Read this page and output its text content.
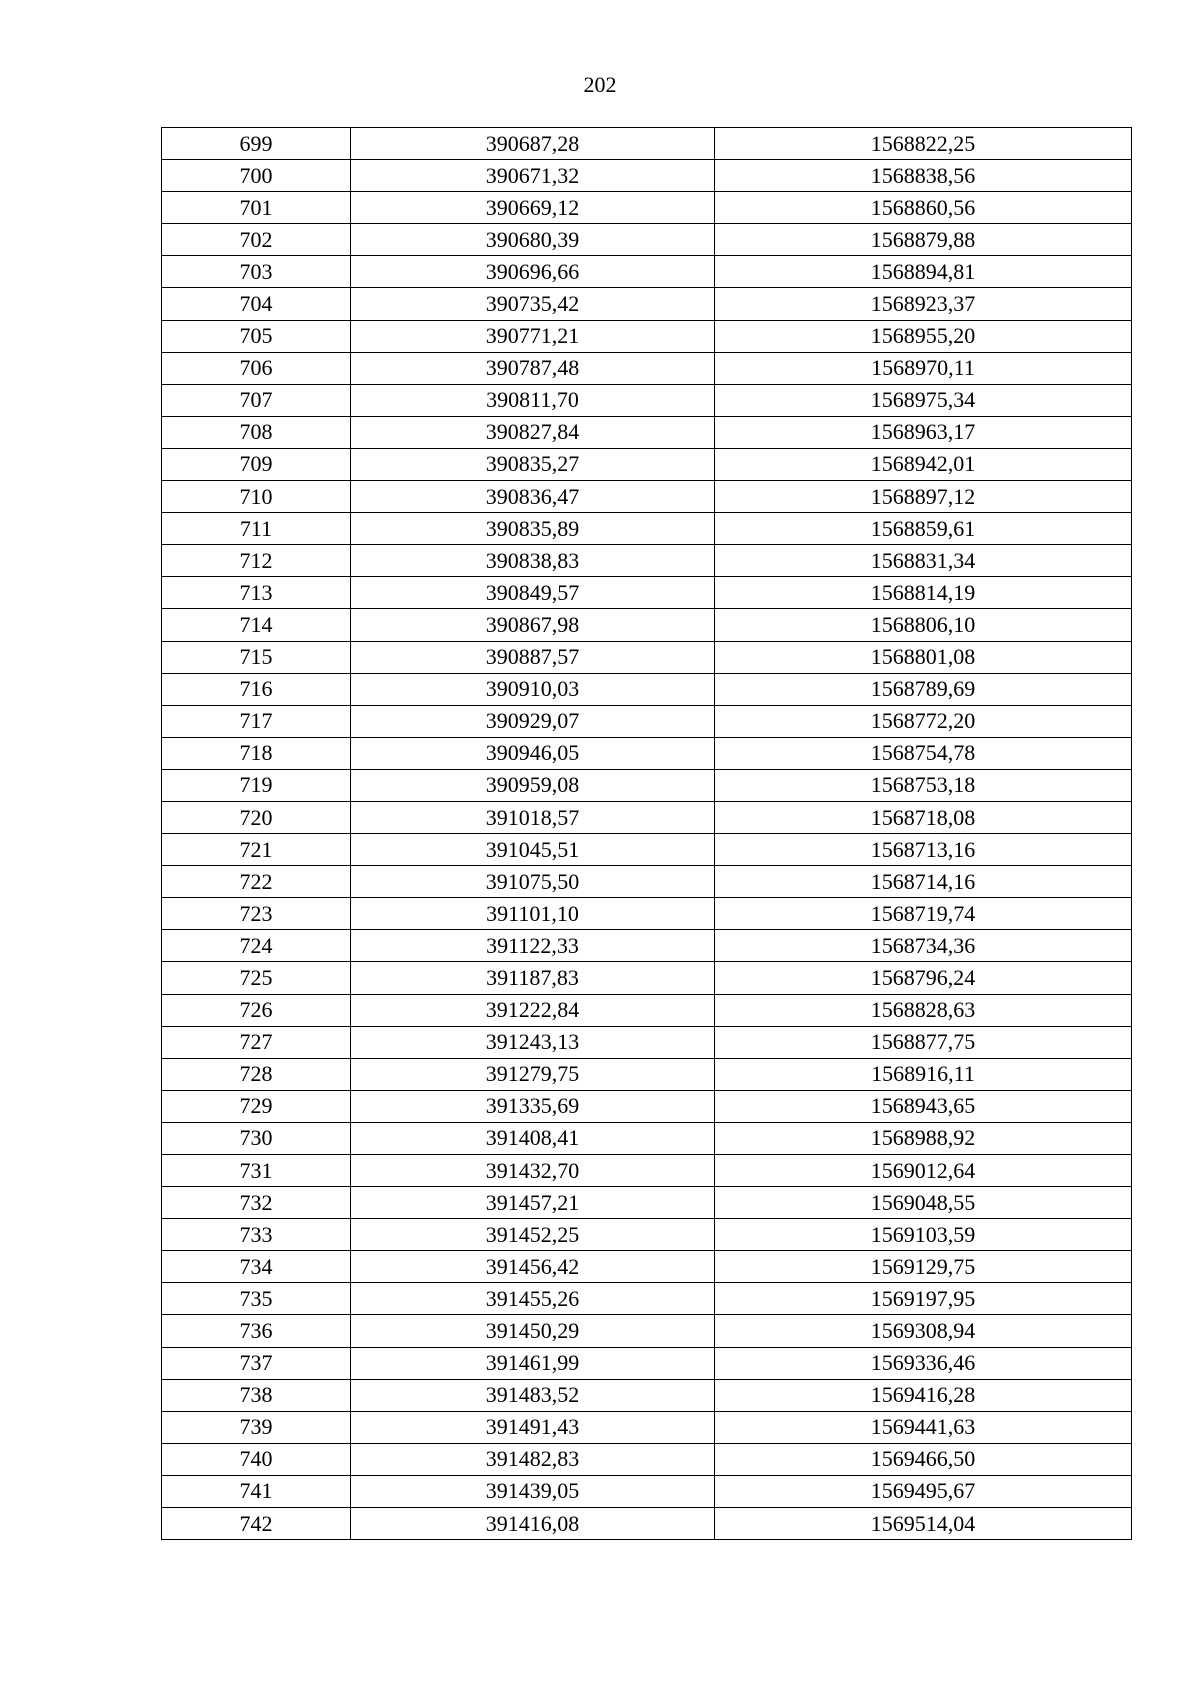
202
699	390687,28	1568822,25
700	390671,32	1568838,56
701	390669,12	1568860,56
702	390680,39	1568879,88
703	390696,66	1568894,81
704	390735,42	1568923,37
705	390771,21	1568955,20
706	390787,48	1568970,11
707	390811,70	1568975,34
708	390827,84	1568963,17
709	390835,27	1568942,01
710	390836,47	1568897,12
711	390835,89	1568859,61
712	390838,83	1568831,34
713	390849,57	1568814,19
714	390867,98	1568806,10
715	390887,57	1568801,08
716	390910,03	1568789,69
717	390929,07	1568772,20
718	390946,05	1568754,78
719	390959,08	1568753,18
720	391018,57	1568718,08
721	391045,51	1568713,16
722	391075,50	1568714,16
723	391101,10	1568719,74
724	391122,33	1568734,36
725	391187,83	1568796,24
726	391222,84	1568828,63
727	391243,13	1568877,75
728	391279,75	1568916,11
729	391335,69	1568943,65
730	391408,41	1568988,92
731	391432,70	1569012,64
732	391457,21	1569048,55
733	391452,25	1569103,59
734	391456,42	1569129,75
735	391455,26	1569197,95
736	391450,29	1569308,94
737	391461,99	1569336,46
738	391483,52	1569416,28
739	391491,43	1569441,63
740	391482,83	1569466,50
741	391439,05	1569495,67
742	391416,08	1569514,04
